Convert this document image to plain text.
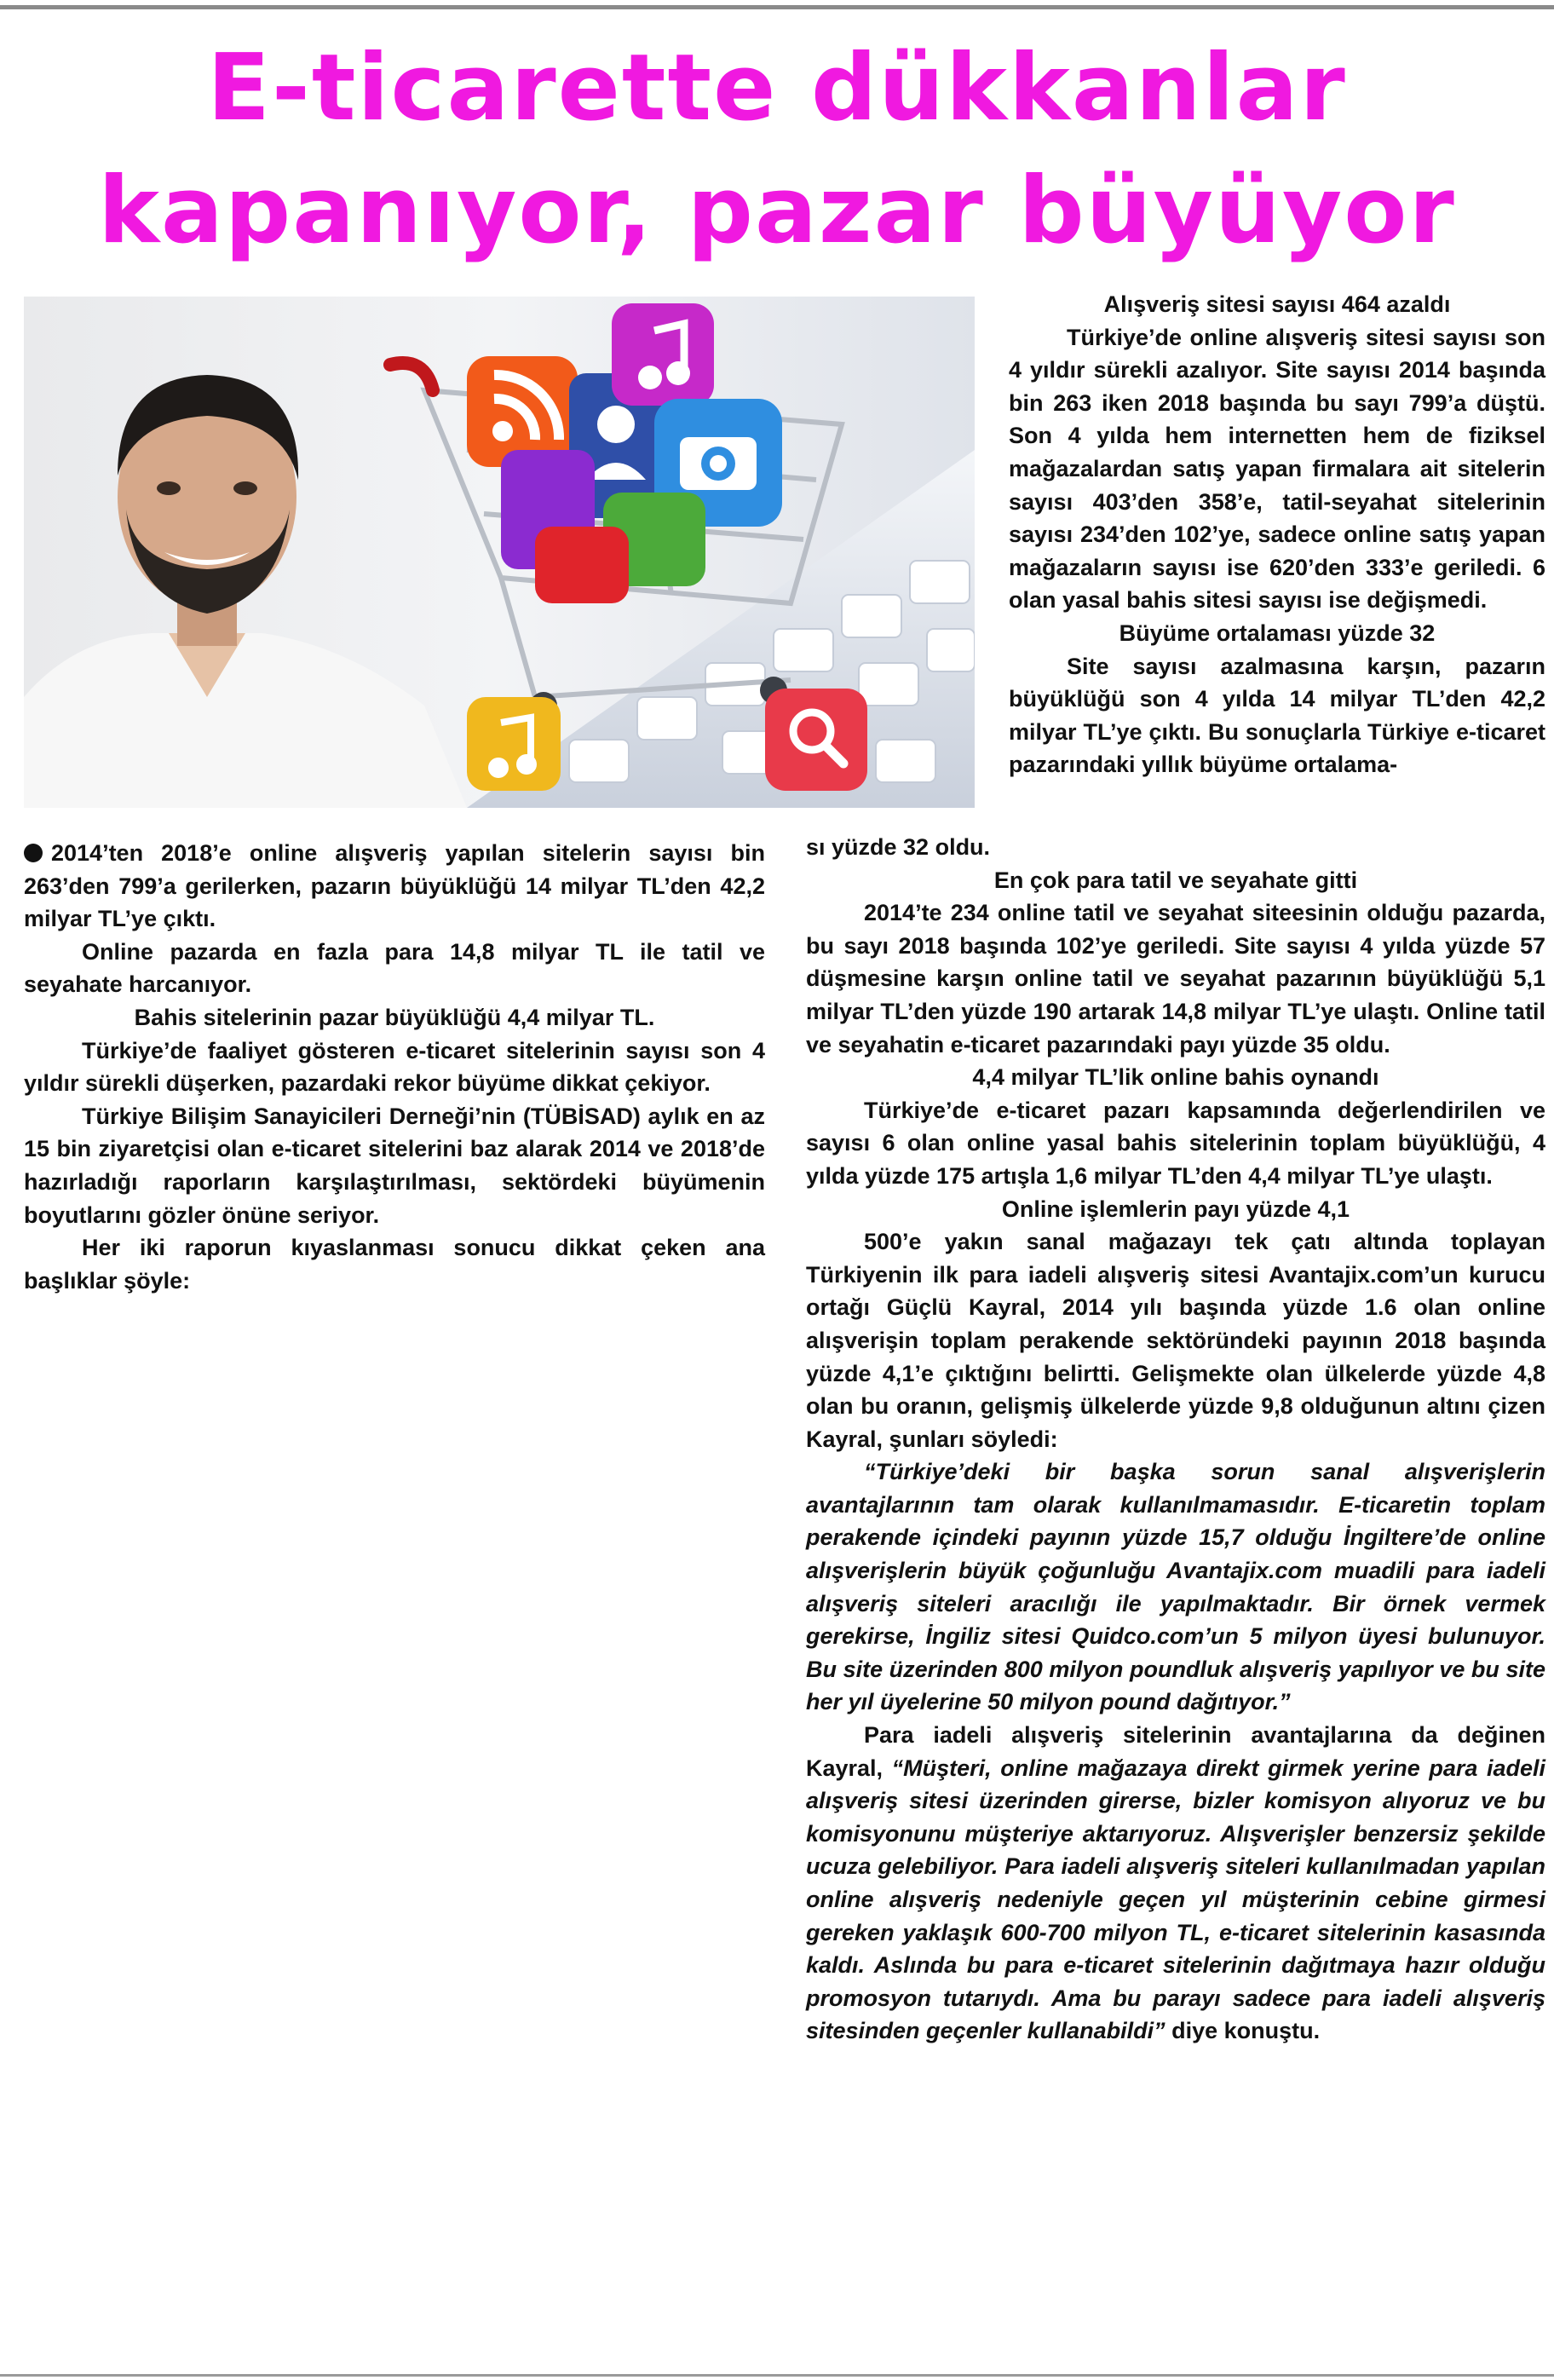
E-ticarette dükkanlar
kapanıyor, pazar büyüyor

2014’ten 2018’e online alışveriş yapılan sitelerin sayısı bin 263’den 799’a gerilerken, pazarın büyüklüğü 14 milyar TL’den 42,2 milyar TL’ye çıktı.

Online pazarda en fazla para 14,8 milyar TL ile tatil ve seyahate harcanıyor.

Bahis sitelerinin pazar büyüklüğü 4,4 milyar TL.

Türkiye’de faaliyet gösteren e-ticaret sitelerinin sayısı son 4 yıldır sürekli düşerken, pazardaki rekor büyüme dikkat çekiyor.

Türkiye Bilişim Sanayicileri Derneği’nin (TÜBİSAD) aylık en az 15 bin ziyaretçisi olan e-ticaret sitelerini baz alarak 2014 ve 2018’de hazırladığı raporların karşılaştırılması, sektördeki büyümenin boyutlarını gözler önüne seriyor.

Her iki raporun kıyaslanması sonucu dikkat çeken ana başlıklar şöyle:

Alışveriş sitesi sayısı 464 azaldı

Türkiye’de online alışveriş sitesi sayısı son 4 yıldır sürekli azalıyor. Site sayısı 2014 başında bin 263 iken 2018 başında bu sayı 799’a düştü. Son 4 yılda hem internetten hem de fiziksel mağazalardan satış yapan firmalara ait sitelerin sayısı 403’den 358’e, tatil-seyahat sitelerinin sayısı 234’den 102’ye, sadece online satış yapan mağazaların sayısı ise 620’den 333’e geriledi. 6 olan yasal bahis sitesi sayısı ise değişmedi.

Büyüme ortalaması yüzde 32

Site sayısı azalmasına karşın, pazarın büyüklüğü son 4 yılda 14 milyar TL’den 42,2 milyar TL’ye çıktı. Bu sonuçlarla Türkiye e-ticaret pazarındaki yıllık büyüme ortalama-

sı yüzde 32 oldu.

En çok para tatil ve seyahate gitti

2014’te 234 online tatil ve seyahat siteesinin olduğu pazarda, bu sayı 2018 başında 102’ye geriledi. Site sayısı 4 yılda yüzde 57 düşmesine karşın online tatil ve seyahat pazarının büyüklüğü 5,1 milyar TL’den yüzde 190 artarak 14,8 milyar TL’ye ulaştı. Online tatil ve seyahatin e-ticaret pazarındaki payı yüzde 35 oldu.

4,4 milyar TL’lik online bahis oynandı

Türkiye’de e-ticaret pazarı kapsamında değerlendirilen ve sayısı 6 olan online yasal bahis sitelerinin toplam büyüklüğü, 4 yılda yüzde 175 artışla 1,6 milyar TL’den 4,4 milyar TL’ye ulaştı.

Online işlemlerin payı yüzde 4,1

500’e yakın sanal mağazayı tek çatı altında toplayan Türkiyenin ilk para iadeli alışveriş sitesi Avantajix.com’un kurucu ortağı Güçlü Kayral, 2014 yılı başında yüzde 1.6 olan online alışverişin toplam perakende sektöründeki payının 2018 başında yüzde 4,1’e çıktığını belirtti. Gelişmekte olan ülkelerde yüzde 4,8 olan bu oranın, gelişmiş ülkelerde yüzde 9,8 olduğunun altını çizen Kayral, şunları söyledi:

“Türkiye’deki bir başka sorun sanal alışverişlerin avantajlarının tam olarak kullanılmamasıdır. E-ticaretin toplam perakende içindeki payının yüzde 15,7 olduğu İngiltere’de online alışverişlerin büyük çoğunluğu Avantajix.com muadili para iadeli alışveriş siteleri aracılığı ile yapılmaktadır. Bir örnek vermek gerekirse, İngiliz sitesi Quidco.com’un 5 milyon üyesi bulunuyor. Bu site üzerinden 800 milyon poundluk alışveriş yapılıyor ve bu site her yıl üyelerine 50 milyon pound dağıtıyor.”

Para iadeli alışveriş sitelerinin avantajlarına da değinen Kayral, “Müşteri, online mağazaya direkt girmek yerine para iadeli alışveriş sitesi üzerinden girerse, bizler komisyon alıyoruz ve bu komisyonunu müşteriye aktarıyoruz. Alışverişler benzersiz şekilde ucuza gelebiliyor. Para iadeli alışveriş siteleri kullanılmadan yapılan online alışveriş nedeniyle geçen yıl müşterinin cebine girmesi gereken yaklaşık 600-700 milyon TL, e-ticaret sitelerinin kasasında kaldı. Aslında bu para e-ticaret sitelerinin dağıtmaya hazır olduğu promosyon tutarıydı. Ama bu parayı sadece para iadeli alışveriş sitesinden geçenler kullanabildi” diye konuştu.
